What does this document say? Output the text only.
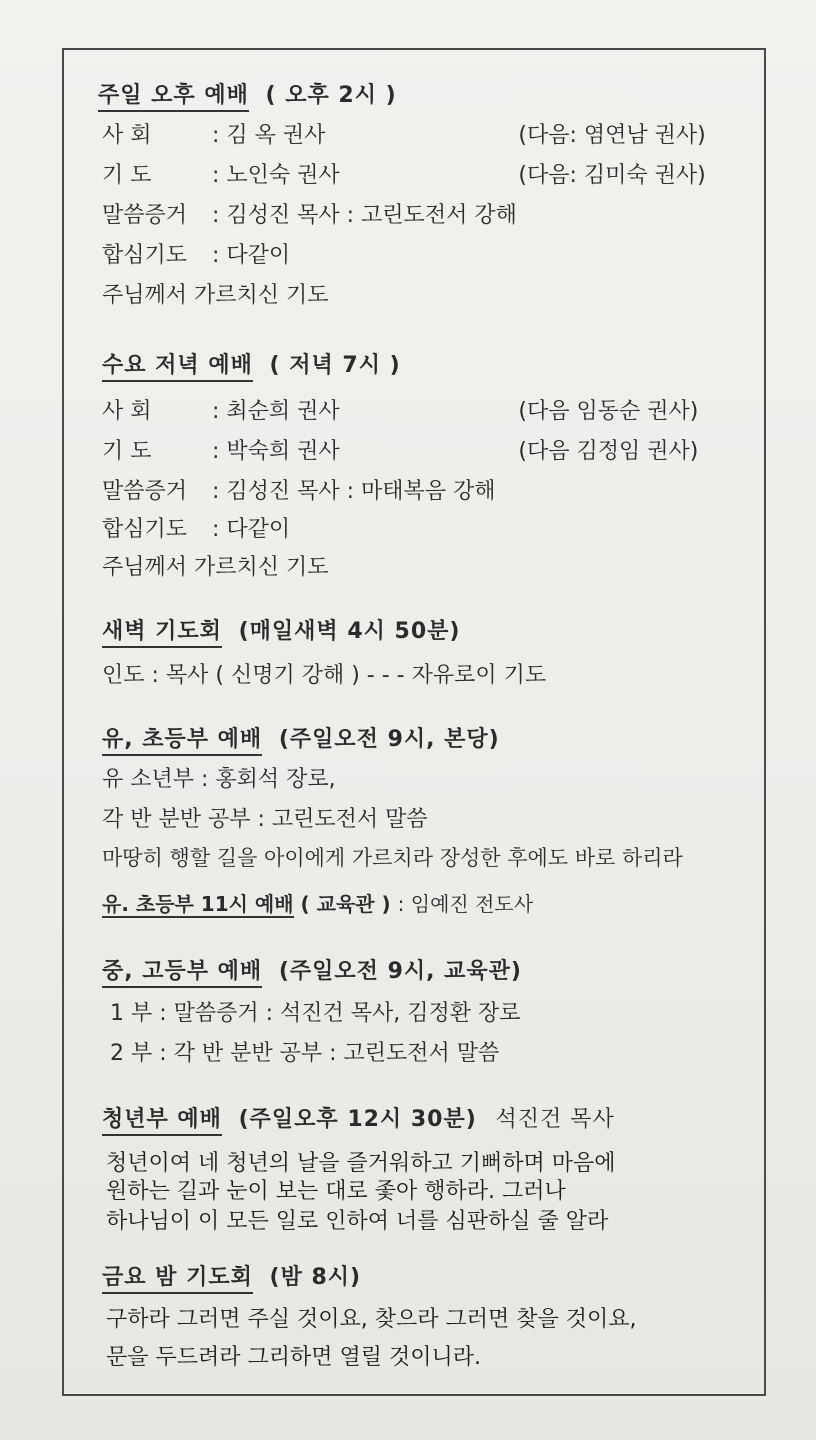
주일 오후 예배 ( 오후 2시 )
사 회	: 김 옥 권사	(다음: 염연남 권사)
기 도	: 노인숙 권사	(다음: 김미숙 권사)
말씀증거 : 김성진 목사 : 고린도전서 강해
합심기도 : 다같이
주님께서 가르치신 기도
수요 저녁 예배 ( 저녁 7시 )
사 회	: 최순희 권사	(다음 임동순 권사)
기 도	: 박숙희 권사	(다음 김정임 권사)
말씀증거 : 김성진 목사 : 마태복음 강해
합심기도 : 다같이
주님께서 가르치신 기도
새벽 기도회 (매일새벽 4시 50분)
인도 : 목사 ( 신명기 강해 ) - - - 자유로이 기도
유, 초등부 예배 (주일오전 9시, 본당)
유 소년부 : 홍회석 장로,
각 반 분반 공부 : 고린도전서 말씀
마땅히 행할 길을 아이에게 가르치라 장성한 후에도 바로 하리라
유. 초등부 11시 예배 ( 교육관 ) : 임예진 전도사
중, 고등부 예배 (주일오전 9시, 교육관)
1 부 : 말씀증거 : 석진건 목사, 김정환 장로
2 부 : 각 반 분반 공부 : 고린도전서 말씀
청년부 예배 (주일오후 12시 30분) 석진건 목사
청년이여 네 청년의 날을 즐거워하고 기뻐하며 마음에
원하는 길과 눈이 보는 대로 좇아 행하라. 그러나
하나님이 이 모든 일로 인하여 너를 심판하실 줄 알라
금요 밤 기도회 (밤 8시)
구하라 그러면 주실 것이요, 찾으라 그러면 찾을 것이요,
문을 두드려라 그리하면 열릴 것이니라.
